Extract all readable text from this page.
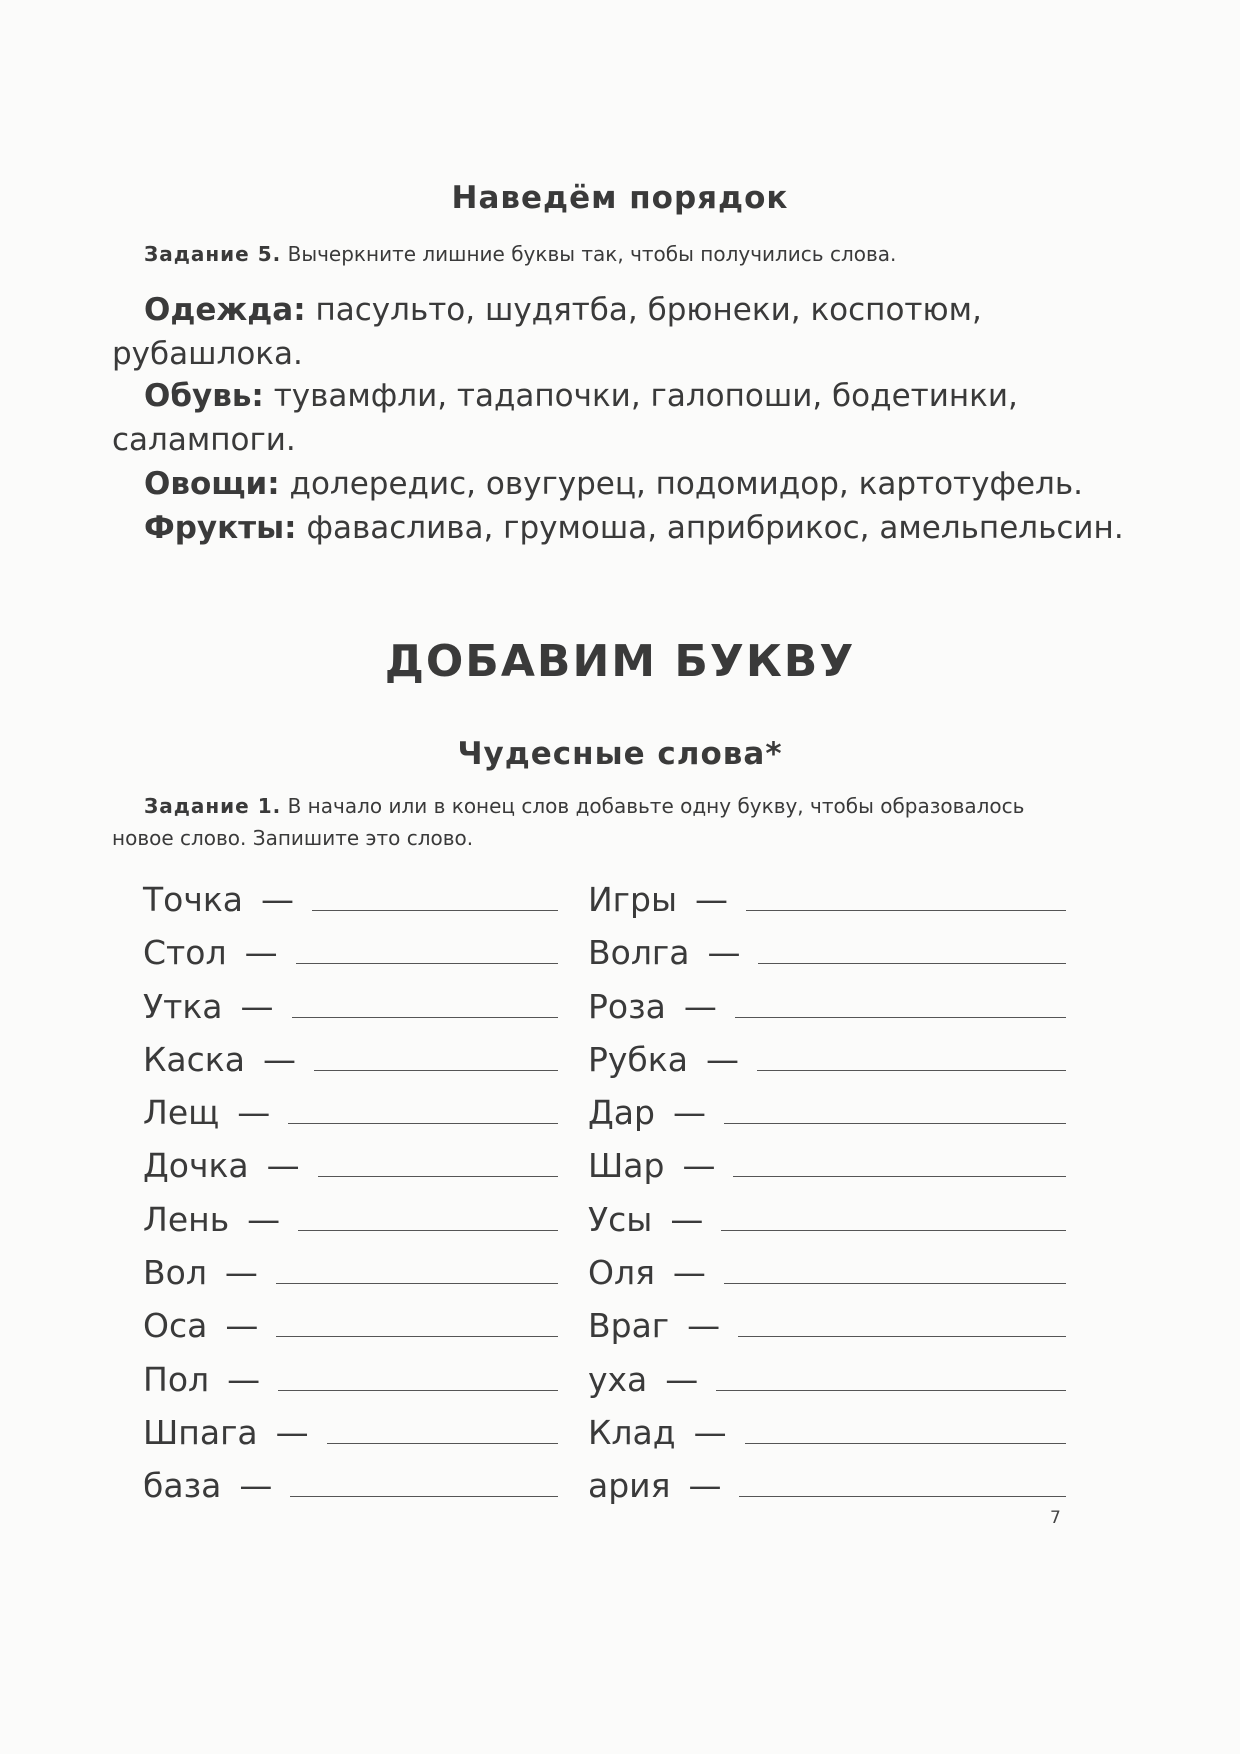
Наведём порядок
Задание 5. Вычеркните лишние буквы так, чтобы получились слова.
Одежда: пасульто, шудятба, брюнеки, коспотюм,
рубашлока.
Обувь: тувамфли, тадапочки, галопоши, бодетинки,
салампоги.
Овощи: долередис, овугурец, подомидор, картотуфель.
Фрукты: фаваслива, грумоша, априбрикос, амельпельсин.
ДОБАВИМ БУКВУ
Чудесные слова*
Задание 1. В начало или в конец слов добавьте одну букву, чтобы образовалось
новое слово. Запишите это слово.
Точка —
Стол —
Утка —
Каска —
Лещ —
Дочка —
Лень —
Вол —
Оса —
Пол —
Шпага —
база —
Игры —
Волга —
Роза —
Рубка —
Дар —
Шар —
Усы —
Оля —
Враг —
уха —
Клад —
ария —
7
